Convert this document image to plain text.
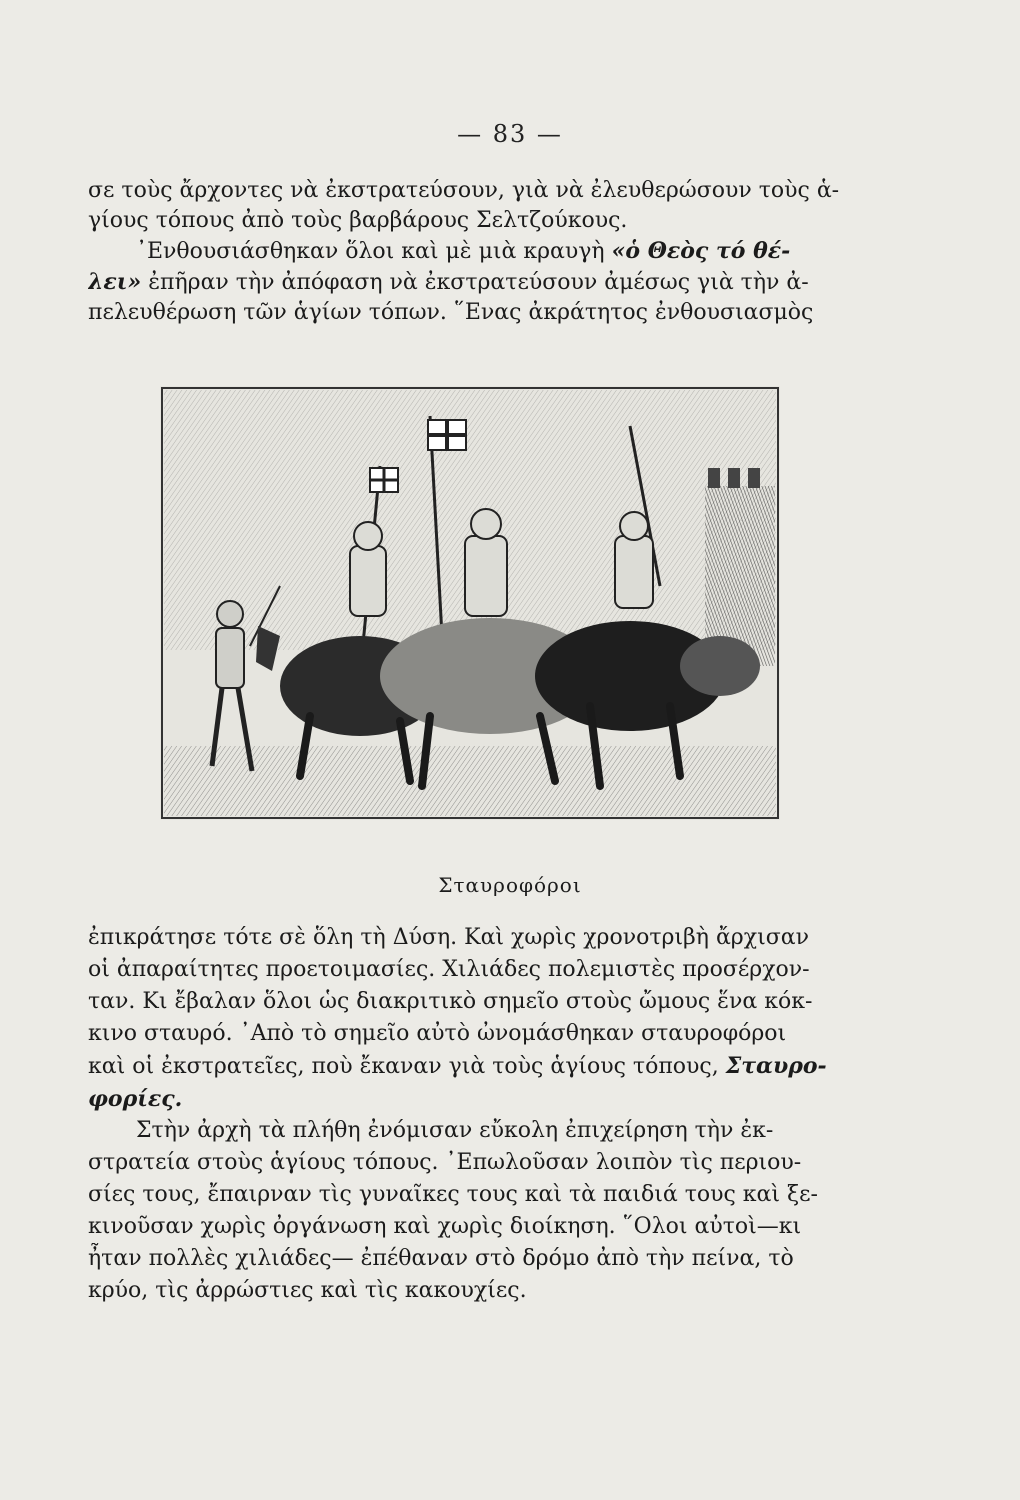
— 83 —
σε τοὺς ἄρχοντες νὰ ἐκστρατεύσουν, γιὰ νὰ ἐλευθερώσουν τοὺς ἁ-
γίους τόπους ἀπὸ τοὺς βαρβάρους Σελτζούκους.
᾿Ενθουσιάσθηκαν ὅλοι καὶ μὲ μιὰ κραυγὴ «ὁ Θεὸς τό θέ-
λει» ἐπῆραν τὴν ἀπόφαση νὰ ἐκστρατεύσουν ἀμέσως γιὰ τὴν ἀ-
πελευθέρωση τῶν ἁγίων τόπων. ῞Ενας ἀκράτητος ἐνθουσιασμὸς
Σταυροφόροι
ἐπικράτησε τότε σὲ ὅλη τὴ Δύση. Καὶ χωρὶς χρονοτριβὴ ἄρχισαν
οἱ ἀπαραίτητες προετοιμασίες. Χιλιάδες πολεμιστὲς προσέρχον-
ταν. Κι ἔβαλαν ὅλοι ὡς διακριτικὸ σημεῖο στοὺς ὤμους ἕνα κόκ-
κινο σταυρό. ᾿Απὸ τὸ σημεῖο αὐτὸ ὠνομάσθηκαν σταυροφόροι
καὶ οἱ ἐκστρατεῖες, ποὺ ἔκαναν γιὰ τοὺς ἁγίους τόπους, Σταυρο-
φορίες.
Στὴν ἀρχὴ τὰ πλήθη ἐνόμισαν εὔκολη ἐπιχείρηση τὴν ἐκ-
στρατεία στοὺς ἁγίους τόπους. ᾿Επωλοῦσαν λοιπὸν τὶς περιου-
σίες τους, ἔπαιρναν τὶς γυναῖκες τους καὶ τὰ παιδιά τους καὶ ξε-
κινοῦσαν χωρὶς ὀργάνωση καὶ χωρὶς διοίκηση. ῞Ολοι αὐτοὶ—κι
ἦταν πολλὲς χιλιάδες— ἐπέθαναν στὸ δρόμο ἀπὸ τὴν πείνα, τὸ
κρύο, τὶς ἀρρώστιες καὶ τὶς κακουχίες.
